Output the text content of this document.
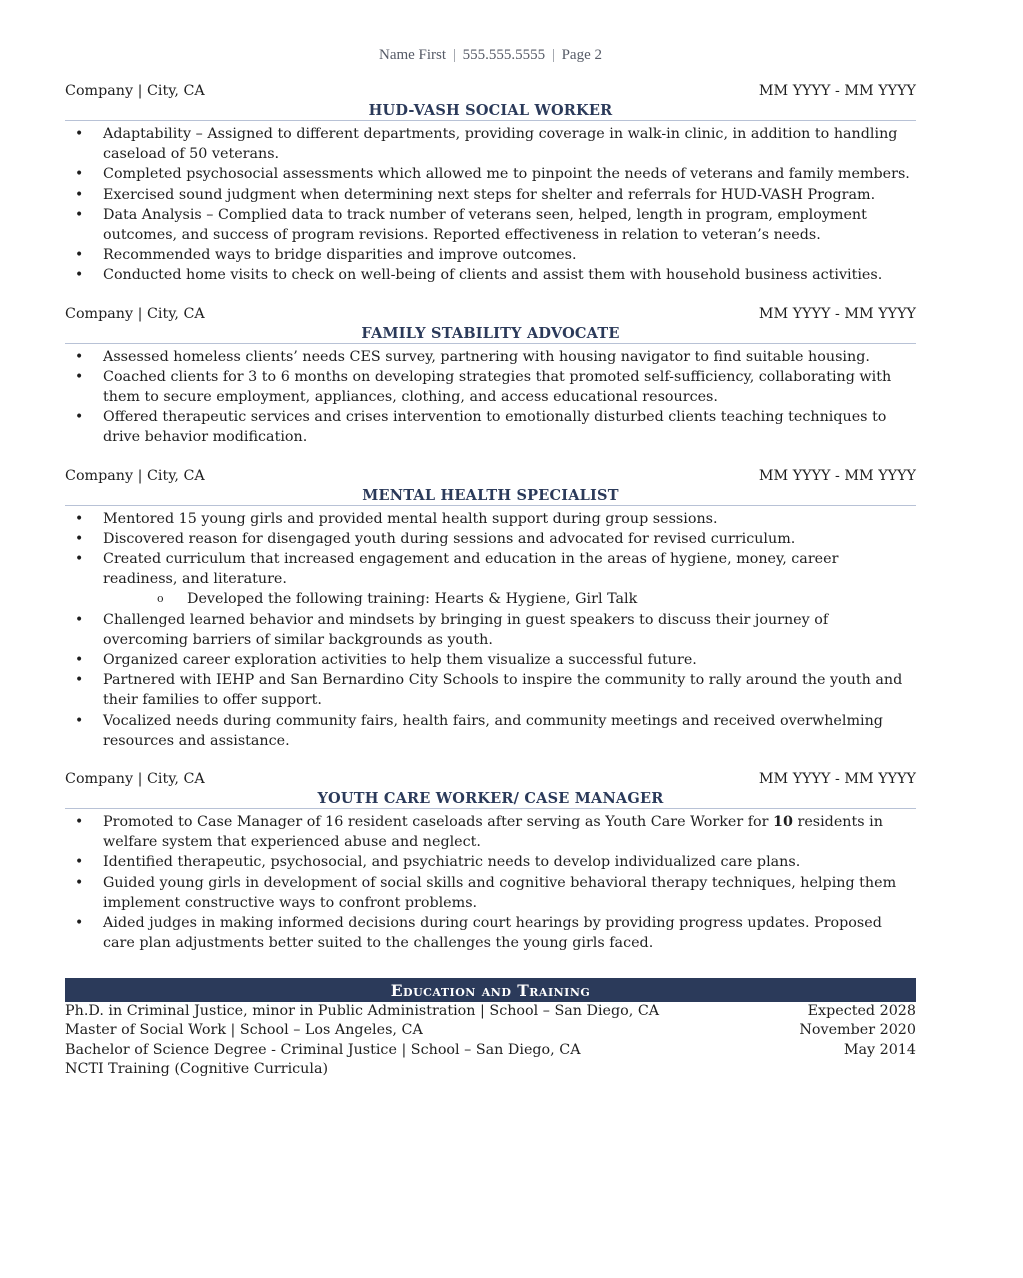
Name First | 555.555.5555 | Page 2
Company | City, CA	MM YYYY - MM YYYY
HUD-VASH SOCIAL WORKER
• Adaptability – Assigned to different departments, providing coverage in walk-in clinic, in addition to handling caseload of 50 veterans.
• Completed psychosocial assessments which allowed me to pinpoint the needs of veterans and family members.
• Exercised sound judgment when determining next steps for shelter and referrals for HUD-VASH Program.
• Data Analysis – Complied data to track number of veterans seen, helped, length in program, employment outcomes, and success of program revisions. Reported effectiveness in relation to veteran’s needs.
• Recommended ways to bridge disparities and improve outcomes.
• Conducted home visits to check on well-being of clients and assist them with household business activities.
Company | City, CA	MM YYYY - MM YYYY
FAMILY STABILITY ADVOCATE
• Assessed homeless clients’ needs CES survey, partnering with housing navigator to find suitable housing.
• Coached clients for 3 to 6 months on developing strategies that promoted self-sufficiency, collaborating with them to secure employment, appliances, clothing, and access educational resources.
• Offered therapeutic services and crises intervention to emotionally disturbed clients teaching techniques to drive behavior modification.
Company | City, CA	MM YYYY - MM YYYY
MENTAL HEALTH SPECIALIST
• Mentored 15 young girls and provided mental health support during group sessions.
• Discovered reason for disengaged youth during sessions and advocated for revised curriculum.
• Created curriculum that increased engagement and education in the areas of hygiene, money, career readiness, and literature.
o Developed the following training: Hearts & Hygiene, Girl Talk
• Challenged learned behavior and mindsets by bringing in guest speakers to discuss their journey of overcoming barriers of similar backgrounds as youth.
• Organized career exploration activities to help them visualize a successful future.
• Partnered with IEHP and San Bernardino City Schools to inspire the community to rally around the youth and their families to offer support.
• Vocalized needs during community fairs, health fairs, and community meetings and received overwhelming resources and assistance.
Company | City, CA	MM YYYY - MM YYYY
YOUTH CARE WORKER/ CASE MANAGER
• Promoted to Case Manager of 16 resident caseloads after serving as Youth Care Worker for 10 residents in welfare system that experienced abuse and neglect.
• Identified therapeutic, psychosocial, and psychiatric needs to develop individualized care plans.
• Guided young girls in development of social skills and cognitive behavioral therapy techniques, helping them implement constructive ways to confront problems.
• Aided judges in making informed decisions during court hearings by providing progress updates. Proposed care plan adjustments better suited to the challenges the young girls faced.
Education and Training
Ph.D. in Criminal Justice, minor in Public Administration | School – San Diego, CA	Expected 2028
Master of Social Work | School – Los Angeles, CA	November 2020
Bachelor of Science Degree - Criminal Justice | School – San Diego, CA	May 2014
NCTI Training (Cognitive Curricula)
